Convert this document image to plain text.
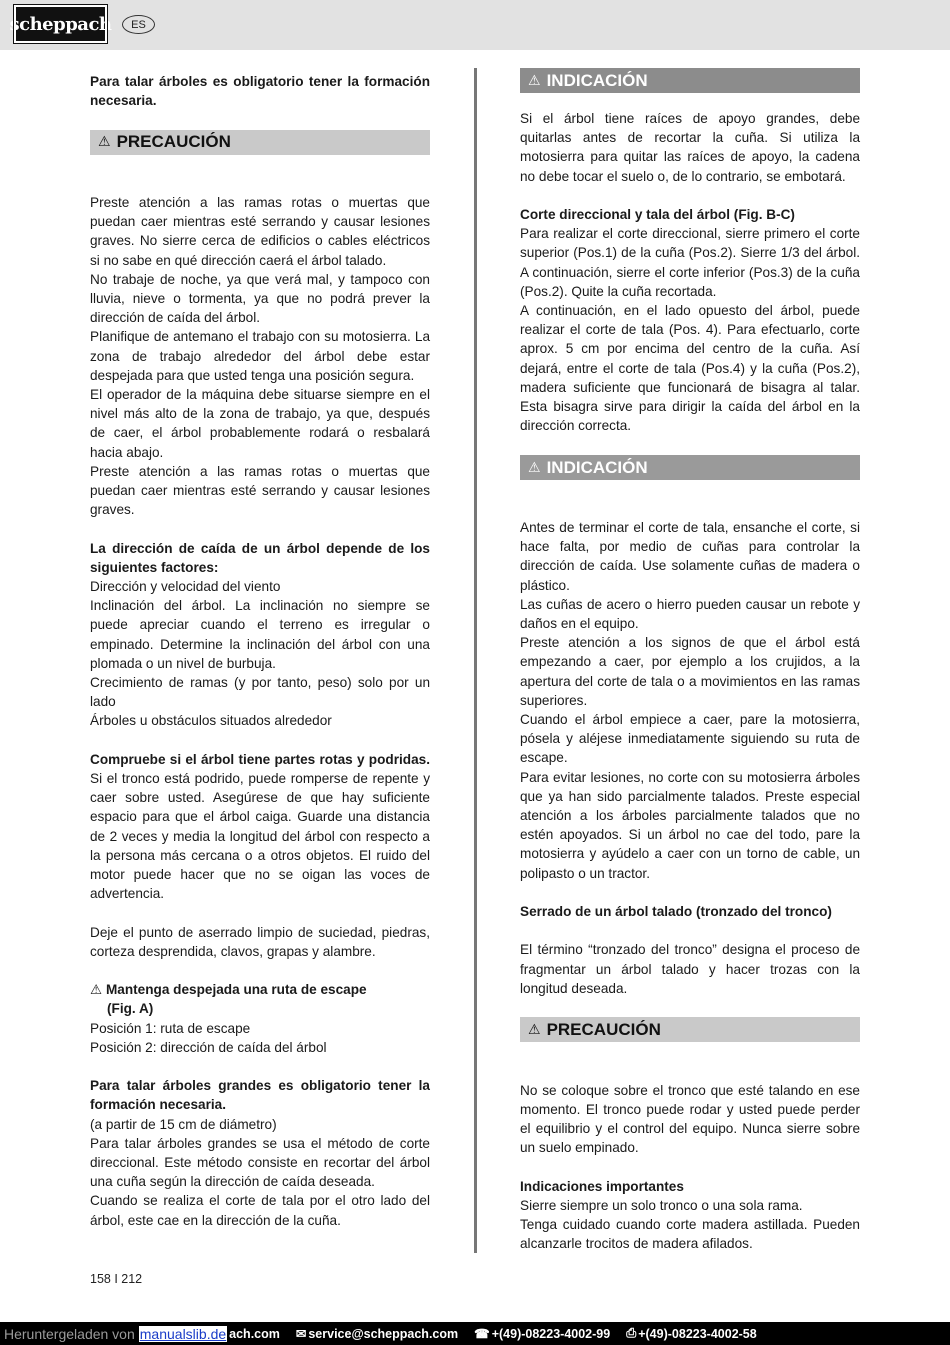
scheppach	ES

Para talar árboles es obligatorio tener la formación necesaria.

⚠ PRECAUCIÓN

Preste atención a las ramas rotas o muertas que puedan caer mientras esté serrando y causar lesiones graves. No sierre cerca de edificios o cables eléctricos si no sabe en qué dirección caerá el árbol talado.

No trabaje de noche, ya que verá mal, y tampoco con lluvia, nieve o tormenta, ya que no podrá prever la dirección de caída del árbol.

Planifique de antemano el trabajo con su motosierra. La zona de trabajo alrededor del árbol debe estar despejada para que usted tenga una posición segura.

El operador de la máquina debe situarse siempre en el nivel más alto de la zona de trabajo, ya que, después de caer, el árbol probablemente rodará o resbalará hacia abajo.

Preste atención a las ramas rotas o muertas que puedan caer mientras esté serrando y causar lesiones graves.

La dirección de caída de un árbol depende de los siguientes factores:

Dirección y velocidad del viento

Inclinación del árbol. La inclinación no siempre se puede apreciar cuando el terreno es irregular o empinado. Determine la inclinación del árbol con una plomada o un nivel de burbuja.

Crecimiento de ramas (y por tanto, peso) solo por un lado

Árboles u obstáculos situados alrededor

Compruebe si el árbol tiene partes rotas y podridas. Si el tronco está podrido, puede romperse de repente y caer sobre usted. Asegúrese de que hay suficiente espacio para que el árbol caiga. Guarde una distancia de 2 veces y media la longitud del árbol con respecto a la persona más cercana o a otros objetos. El ruido del motor puede hacer que no se oigan las voces de advertencia.

Deje el punto de aserrado limpio de suciedad, piedras, corteza desprendida, clavos, grapas y alambre.

⚠ Mantenga despejada una ruta de escape

(Fig. A)

Posición 1: ruta de escape

Posición 2: dirección de caída del árbol

Para talar árboles grandes es obligatorio tener la formación necesaria.

(a partir de 15 cm de diámetro)

Para talar árboles grandes se usa el método de corte direccional. Este método consiste en recortar del árbol una cuña según la dirección de caída deseada.

Cuando se realiza el corte de tala por el otro lado del árbol, este cae en la dirección de la cuña.

⚠ INDICACIÓN

Si el árbol tiene raíces de apoyo grandes, debe quitarlas antes de recortar la cuña. Si utiliza la motosierra para quitar las raíces de apoyo, la cadena no debe tocar el suelo o, de lo contrario, se embotará.

Corte direccional y tala del árbol (Fig. B-C)

Para realizar el corte direccional, sierre primero el corte superior (Pos.1) de la cuña (Pos.2). Sierre 1/3 del árbol. A continuación, sierre el corte inferior (Pos.3) de la cuña (Pos.2). Quite la cuña recortada.

A continuación, en el lado opuesto del árbol, puede realizar el corte de tala (Pos. 4). Para efectuarlo, corte aprox. 5 cm por encima del centro de la cuña. Así dejará, entre el corte de tala (Pos.4) y la cuña (Pos.2), madera suficiente que funcionará de bisagra al talar. Esta bisagra sirve para dirigir la caída del árbol en la dirección correcta.

⚠ INDICACIÓN

Antes de terminar el corte de tala, ensanche el corte, si hace falta, por medio de cuñas para controlar la dirección de caída. Use solamente cuñas de madera o plástico.

Las cuñas de acero o hierro pueden causar un rebote y daños en el equipo.

Preste atención a los signos de que el árbol está empezando a caer, por ejemplo a los crujidos, a la apertura del corte de tala o a movimientos en las ramas superiores.

Cuando el árbol empiece a caer, pare la motosierra, pósela y aléjese inmediatamente siguiendo su ruta de escape.

Para evitar lesiones, no corte con su motosierra árboles que ya han sido parcialmente talados. Preste especial atención a los árboles parcialmente talados que no estén apoyados. Si un árbol no cae del todo, pare la motosierra y ayúdelo a caer con un torno de cable, un polipasto o un tractor.

Serrado de un árbol talado (tronzado del tronco)

El término “tronzado del tronco” designa el proceso de fragmentar un árbol talado y hacer trozas con la longitud deseada.

⚠ PRECAUCIÓN

No se coloque sobre el tronco que esté talando en ese momento. El tronco puede rodar y usted puede perder el equilibrio y el control del equipo. Nunca sierre sobre un suelo empinado.

Indicaciones importantes

Sierre siempre un solo tronco o una sola rama.

Tenga cuidado cuando corte madera astillada. Pueden alcanzarle trocitos de madera afilados.

158 I 212
Heruntergeladen von manualslib.de ach.com ✉ service@scheppach.com ☎ +(49)-08223-4002-99 ⎙ +(49)-08223-4002-58
